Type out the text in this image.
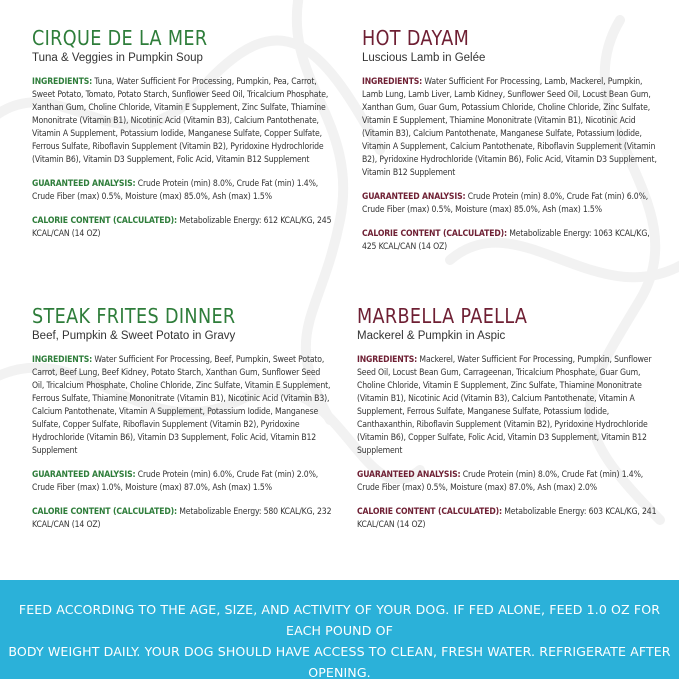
CIRQUE DE LA MER
Tuna & Veggies in Pumpkin Soup

INGREDIENTS: Tuna, Water Sufficient For Processing, Pumpkin, Pea, Carrot, Sweet Potato, Tomato, Potato Starch, Sunflower Seed Oil, Tricalcium Phosphate, Xanthan Gum, Choline Chloride, Vitamin E Supplement, Zinc Sulfate, Thiamine Mononitrate (Vitamin B1), Nicotinic Acid (Vitamin B3), Calcium Pantothenate, Vitamin A Supplement, Potassium Iodide, Manganese Sulfate, Copper Sulfate, Ferrous Sulfate, Riboflavin Supplement (Vitamin B2), Pyridoxine Hydrochloride (Vitamin B6), Vitamin D3 Supplement, Folic Acid, Vitamin B12 Supplement

GUARANTEED ANALYSIS: Crude Protein (min) 8.0%, Crude Fat (min) 1.4%, Crude Fiber (max) 0.5%, Moisture (max) 85.0%, Ash (max) 1.5%

CALORIE CONTENT (CALCULATED): Metabolizable Energy: 612 KCAL/KG, 245 KCAL/CAN (14 OZ)

HOT DAYAM
Luscious Lamb in Gelée

INGREDIENTS: Water Sufficient For Processing, Lamb, Mackerel, Pumpkin, Lamb Lung, Lamb Liver, Lamb Kidney, Sunflower Seed Oil, Locust Bean Gum, Xanthan Gum, Guar Gum, Potassium Chloride, Choline Chloride, Zinc Sulfate, Vitamin E Supplement, Thiamine Mononitrate (Vitamin B1), Nicotinic Acid (Vitamin B3), Calcium Pantothenate, Manganese Sulfate, Potassium Iodide, Vitamin A Supplement, Calcium Pantothenate, Riboflavin Supplement (Vitamin B2), Pyridoxine Hydrochloride (Vitamin B6), Folic Acid, Vitamin D3 Supplement, Vitamin B12 Supplement

GUARANTEED ANALYSIS: Crude Protein (min) 8.0%, Crude Fat (min) 6.0%, Crude Fiber (max) 0.5%, Moisture (max) 85.0%, Ash (max) 1.5%

CALORIE CONTENT (CALCULATED): Metabolizable Energy: 1063 KCAL/KG, 425 KCAL/CAN (14 OZ)

STEAK FRITES DINNER
Beef, Pumpkin & Sweet Potato in Gravy

INGREDIENTS: Water Sufficient For Processing, Beef, Pumpkin, Sweet Potato, Carrot, Beef Lung, Beef Kidney, Potato Starch, Xanthan Gum, Sunflower Seed Oil, Tricalcium Phosphate, Choline Chloride, Zinc Sulfate, Vitamin E Supplement, Ferrous Sulfate, Thiamine Mononitrate (Vitamin B1), Nicotinic Acid (Vitamin B3), Calcium Pantothenate, Vitamin A Supplement, Potassium Iodide, Manganese Sulfate, Copper Sulfate, Riboflavin Supplement (Vitamin B2), Pyridoxine Hydrochloride (Vitamin B6), Vitamin D3 Supplement, Folic Acid, Vitamin B12 Supplement

GUARANTEED ANALYSIS: Crude Protein (min) 6.0%, Crude Fat (min) 2.0%, Crude Fiber (max) 1.0%, Moisture (max) 87.0%, Ash (max) 1.5%

CALORIE CONTENT (CALCULATED): Metabolizable Energy: 580 KCAL/KG, 232 KCAL/CAN (14 OZ)

MARBELLA PAELLA
Mackerel & Pumpkin in Aspic

INGREDIENTS: Mackerel, Water Sufficient For Processing, Pumpkin, Sunflower Seed Oil, Locust Bean Gum, Carrageenan, Tricalcium Phosphate, Guar Gum, Choline Chloride, Vitamin E Supplement, Zinc Sulfate, Thiamine Mononitrate (Vitamin B1), Nicotinic Acid (Vitamin B3), Calcium Pantothenate, Vitamin A Supplement, Ferrous Sulfate, Manganese Sulfate, Potassium Iodide, Canthaxanthin, Riboflavin Supplement (Vitamin B2), Pyridoxine Hydrochloride (Vitamin B6), Copper Sulfate, Folic Acid, Vitamin D3 Supplement, Vitamin B12 Supplement

GUARANTEED ANALYSIS: Crude Protein (min) 8.0%, Crude Fat (min) 1.4%, Crude Fiber (max) 0.5%, Moisture (max) 87.0%, Ash (max) 2.0%

CALORIE CONTENT (CALCULATED): Metabolizable Energy: 603 KCAL/KG, 241 KCAL/CAN (14 OZ)

FEED ACCORDING TO THE AGE, SIZE, AND ACTIVITY OF YOUR DOG. IF FED ALONE, FEED 1.0 OZ FOR EACH POUND OF
BODY WEIGHT DAILY. YOUR DOG SHOULD HAVE ACCESS TO CLEAN, FRESH WATER. REFRIGERATE AFTER OPENING.
